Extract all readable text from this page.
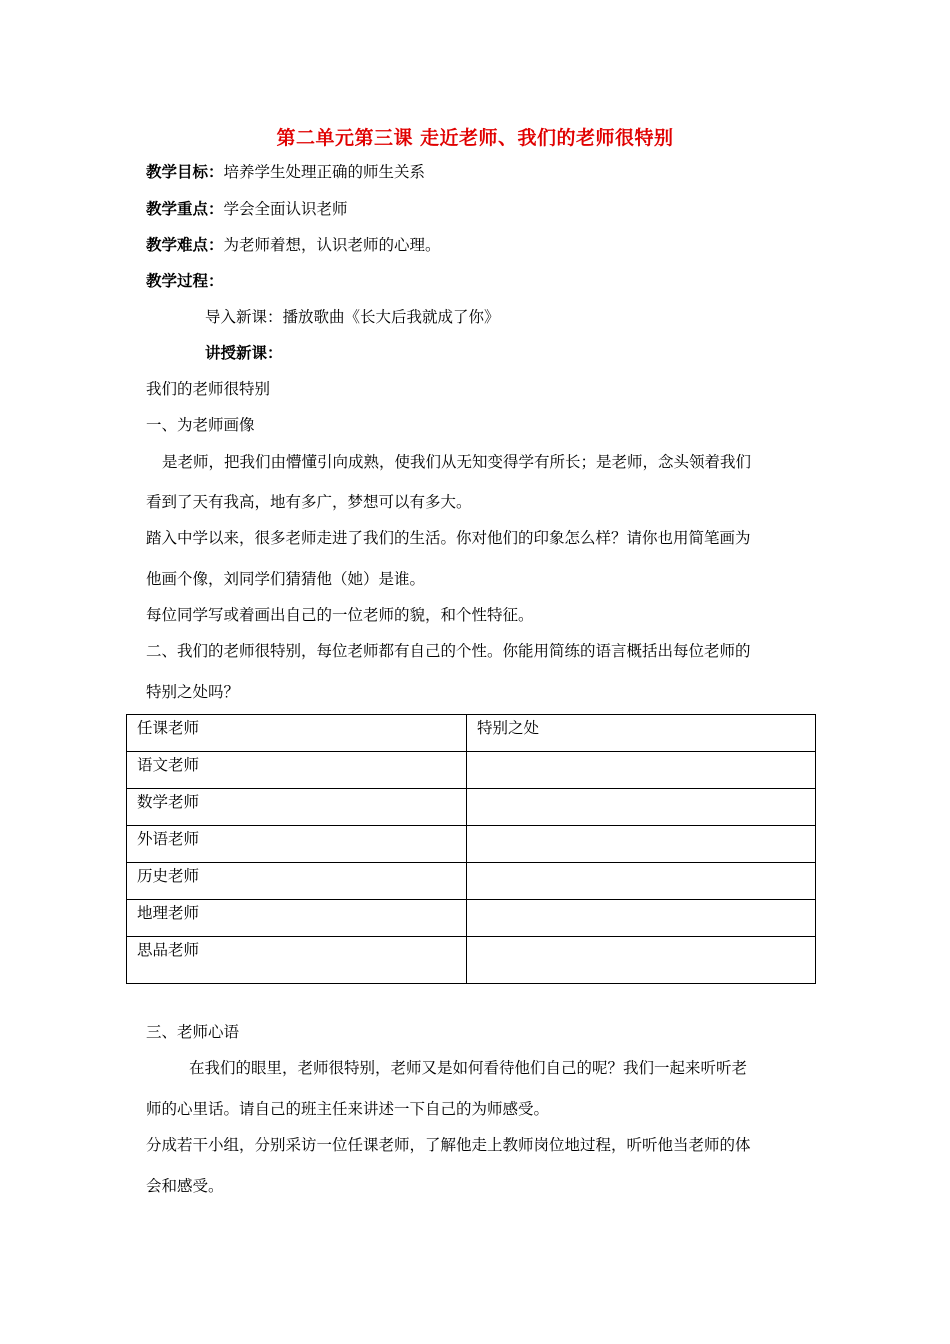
第二单元第三课 走近老师、我们的老师很特别
教学目标：培养学生处理正确的师生关系
教学重点：学会全面认识老师
教学难点：为老师着想，认识老师的心理。
教学过程：
导入新课：播放歌曲《长大后我就成了你》
讲授新课：
我们的老师很特别
一、为老师画像
是老师，把我们由懵懂引向成熟，使我们从无知变得学有所长；是老师，念头领着我们
看到了天有我高，地有多广，梦想可以有多大。
踏入中学以来，很多老师走进了我们的生活。你对他们的印象怎么样？请你也用简笔画为
他画个像，刘同学们猜猜他（她）是谁。
每位同学写或着画出自己的一位老师的貌，和个性特征。
二、我们的老师很特别，每位老师都有自己的个性。你能用简练的语言概括出每位老师的
特别之处吗？
任课老师	特别之处
语文老师	
数学老师	
外语老师	
历史老师	
地理老师	
思品老师	
三、老师心语
在我们的眼里，老师很特别，老师又是如何看待他们自己的呢？我们一起来听听老
师的心里话。请自己的班主任来讲述一下自己的为师感受。
分成若干小组，分别采访一位任课老师，了解他走上教师岗位地过程，听听他当老师的体
会和感受。
